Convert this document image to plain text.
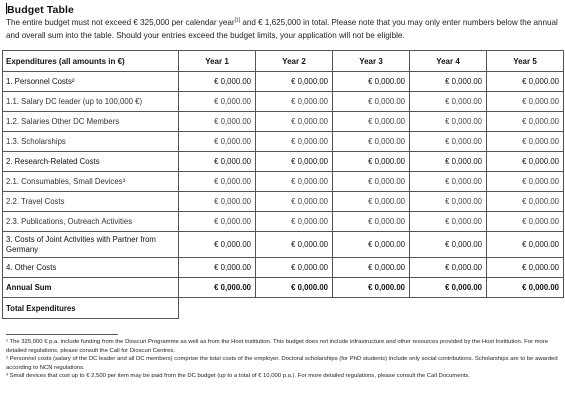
Budget Table
The entire budget must not exceed € 325,000 per calendar year[1] and € 1,625,000 in total. Please note that you may only enter numbers below the annual and overall sum into the table. Should your entries exceed the budget limits, your application will not be eligible.
Expenditures (all amounts in €)	Year 1	Year 2	Year 3	Year 4	Year 5
1. Personnel Costs²	€ 0,000.00	€ 0,000.00	€ 0,000.00	€ 0,000.00	€ 0,000.00
1.1. Salary DC leader (up to 100,000 €)	€ 0,000.00	€ 0,000.00	€ 0,000.00	€ 0,000.00	€ 0,000.00
1.2. Salaries Other DC Members	€ 0,000.00	€ 0,000.00	€ 0,000.00	€ 0,000.00	€ 0,000.00
1.3. Scholarships	€ 0,000.00	€ 0,000.00	€ 0,000.00	€ 0,000.00	€ 0,000.00
2. Research-Related Costs	€ 0,000.00	€ 0,000.00	€ 0,000.00	€ 0,000.00	€ 0,000.00
2.1. Consumables, Small Devices³	€ 0,000.00	€ 0,000.00	€ 0,000.00	€ 0,000.00	€ 0,000.00
2.2. Travel Costs	€ 0,000.00	€ 0,000.00	€ 0,000.00	€ 0,000.00	€ 0,000.00
2.3. Publications, Outreach Activities	€ 0,000.00	€ 0,000.00	€ 0,000.00	€ 0,000.00	€ 0,000.00
3. Costs of Joint Activities with Partner from Germany	€ 0,000.00	€ 0,000.00	€ 0,000.00	€ 0,000.00	€ 0,000.00
4. Other Costs	€ 0,000.00	€ 0,000.00	€ 0,000.00	€ 0,000.00	€ 0,000.00
Annual Sum	€ 0,000.00	€ 0,000.00	€ 0,000.00	€ 0,000.00	€ 0,000.00
Total Expenditures					

¹ The 325,000 € p.a. include funding from the Dioscuri Programme as well as from the Host institution. This budget does not include infrastructure and other resources provided by the Host Institution. For more detailed regulations, please consult the Call for Dioscuri Centres.

² Personnel costs (salary of the DC leader and all DC members) comprise the total costs of the employer. Doctoral scholarships (for PhD students) include only social contributions. Scholarships are to be awarded according to NCN regulations.

³ Small devices that cost up to € 2,500 per item may be paid from the DC budget (up to a total of € 10,000 p.a.). For more detailed regulations, please consult the Call Documents.
